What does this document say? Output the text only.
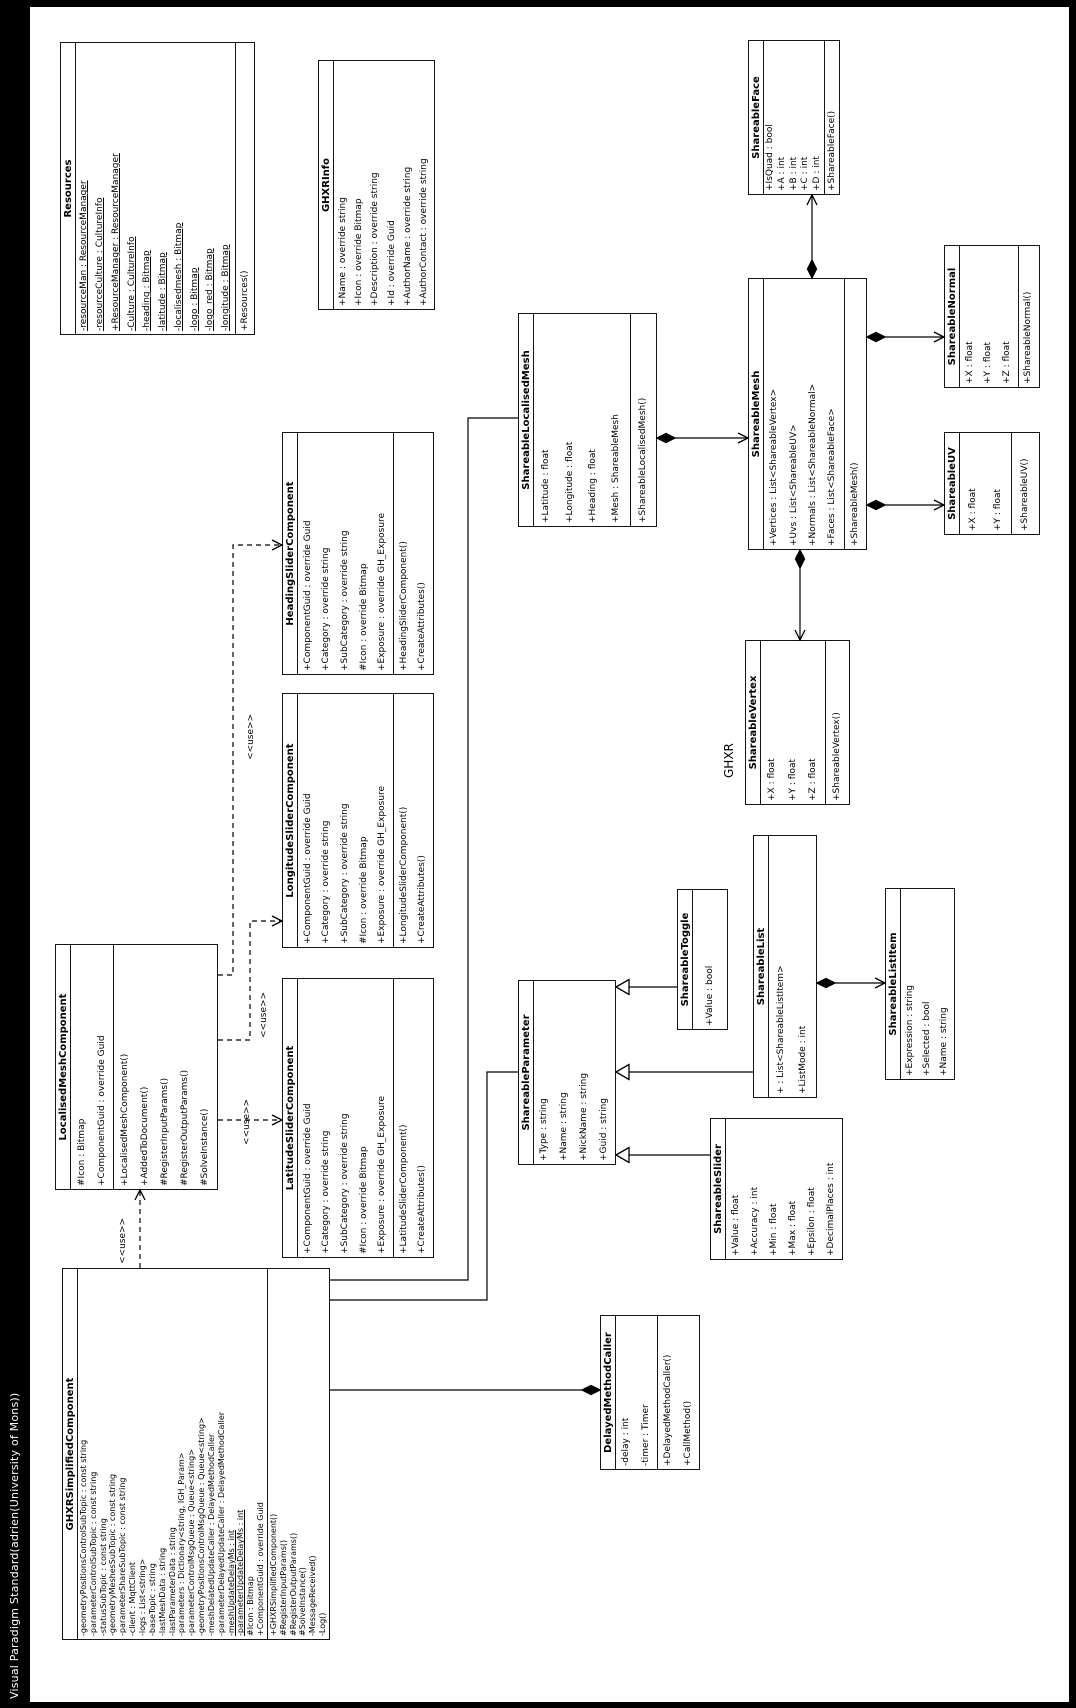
Visual Paradigm Standard(adrien(University of Mons))
Resources -resourceMan : ResourceManager -resourceCulture : CultureInfo +ResourceManager : ResourceManager -Culture : CultureInfo -heading : Bitmap -latitude : Bitmap -localisedmesh : Bitmap -logo : Bitmap -logo_red : Bitmap -longitude : Bitmap +Resources()
GHXRInfo
+Name : override string +Icon : override Bitmap +Description : override string +Id : override Guid +AuthorName : override string +AuthorContact : override string
ShareableFace +IsQuad : bool +A : int +B : int +C : int +D : int +ShareableFace()
ShareableNormal +X : float +Y : float +Z : float	+ShareableNormal()
ShareableUV	+X : float	+Y : float	+ShareableUV()
ShareableMesh +Vertices : List<ShareableVertex>	+Uvs : List<ShareableUV>	+Normals : List<ShareableNormal>	+Faces : List<ShareableFace>	+ShareableMesh()
ShareableLocalisedMesh	+Latitude : float	+Longitude : float	+Heading : float	+Mesh : ShareableMesh	+ShareableLocalisedMesh()
ShareableVertex
+X : float	+Y : float	+Z : float	+ShareableVertex()
HeadingSliderComponent +ComponentGuid : override Guid +Category : override string +SubCategory : override string #Icon : override Bitmap +Exposure : override GH_Exposure	+HeadingSliderComponent() +CreateAttributes()
LongitudeSliderComponent +ComponentGuid : override Guid +Category : override string +SubCategory : override string #Icon : override Bitmap +Exposure : override GH_Exposure	+LongitudeSliderComponent() +CreateAttributes()
LatitudeSliderComponent +ComponentGuid : override Guid +Category : override string +SubCategory : override string #Icon : override Bitmap +Exposure : override GH_Exposure	+LatitudeSliderComponent() +CreateAttributes()
LocalisedMeshComponent
#Icon : Bitmap	+ComponentGuid : override Guid	+LocalisedMeshComponent()	+AddedToDocument()	#RegisterInputParams()	#RegisterOutputParams()	#SolveInstance()
ShareableParameter +Type : string	+Name : string	+NickName : string	+Guid : string
ShareableToggle	+Value : bool	ShareableList + : List<ShareableListItem>	+ListMode : int
ShareableListItem +Expression : string +Selected : bool +Name : string
ShareableSlider +Value : float	+Accuracy : int	+Min : float	+Max : float	+Epsilon : float	+DecimalPlaces : int
GHXRSimplifiedComponent -geometryPositionsControlSubTopic : const string -parameterControlSubTopic : const string -statusSubTopic : const string -geometryMeshesSubTopic : const string -parameterShareSubTopic : const string -client : MqttClient -logs : List<string> -baseTopic : string -lastMeshData : string -lastParameterData : string -parameters : Dictionary<string, IGH_Param> -parameterControlMsgQueue : Queue<string> -geometryPositionsControlMsgQueue : Queue<string> -meshDelatedUpdateCaller : DelayedMethodCaller -parameterDelayedUpdateCaller : DelayedMethodCaller -meshUpdateDelayMs : int -parameterUpdateDelayMs : int #Icon : Bitmap +ComponentGuid : override Guid +GHXRSimplifiedComponent() #RegisterInputParams() #RegisterOutputParams() #SolveInstance() -MessageReceived() -Log()
DelayedMethodCaller -delay : int	-timer : Timer	+DelayedMethodCaller()	+CallMethod()
GHXR
<<use>>
<<use>>
<<use>>
<<use>>
